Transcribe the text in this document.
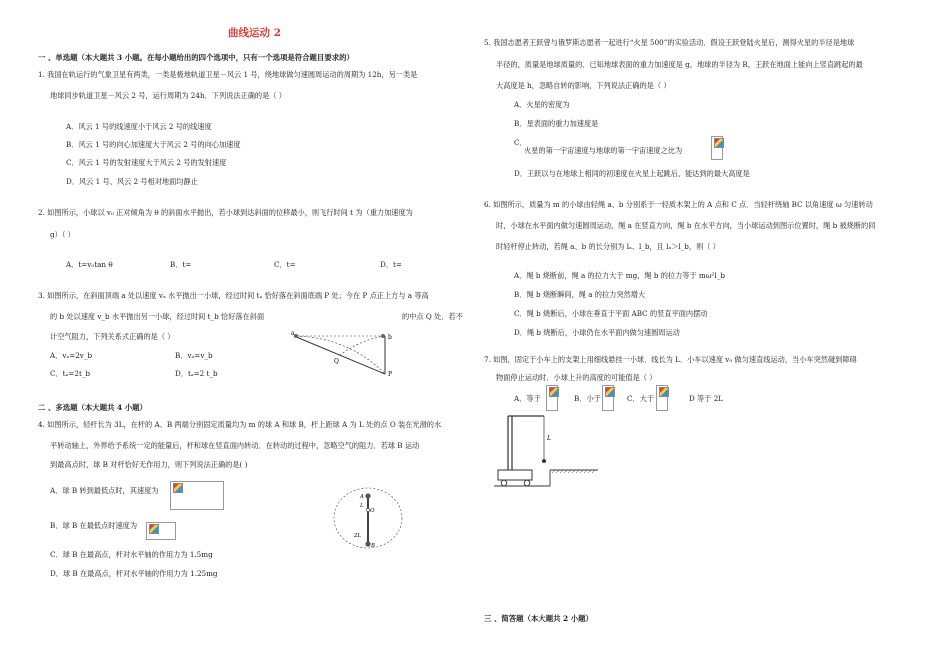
曲线运动 2
一 、单选题（本大题共 3 小题。在每小题给出的四个选项中，只有一个选项是符合题目要求的）
1. 我国在轨运行的气象卫星有两类，一类是极地轨道卫星－风云 1 号，绕地球做匀速圆周运动的周期为 12h，另一类是
地球同步轨道卫星－风云 2 号，运行周期为 24h．下列说法正确的是（ ）
A．风云 1 号的线速度小于风云 2 号的线速度
B．风云 1 号的向心加速度大于风云 2 号的向心加速度
C．风云 1 号的发射速度大于风云 2 号的发射速度
D．风云 1 号、风云 2 号相对地面均静止
2. 如图所示，小球以 v₀ 正对倾角为 θ 的斜面水平抛出，若小球到达斜面的位移最小，则飞行时间 t 为（重力加速度为
g）（ ）
A．t=v₀tan θ	B．t=	C．t=	D．t=
3. 如图所示，在斜面顶端 a 处以速度 vₐ 水平抛出一小球，经过时间 tₐ 恰好落在斜面底端 P 处；今在 P 点正上方与 a 等高
的 b 处以速度 v_b 水平抛出另一小球，经过时间 t_b 恰好落在斜面	的中点 Q 处．若不
计空气阻力，下列关系式正确的是（ ）
A．vₐ=2v_b	B．vₐ=v_b
C．tₐ=2t_b	D．tₐ=2 t_b
a
b
Q
P
二 、多选题（本大题共 4 小题）
4. 如图所示，轻杆长为 3L，在杆的 A、B 两端分别固定质量均为 m 的球 A 和球 B，杆上距球 A 为 L 处的点 O 装在光滑的水
平转动轴上，外界给予系统一定的能量后，杆和球在竖直面内转动．在转动的过程中，忽略空气的阻力．若球 B 运动
到最高点时，球 B 对杆恰好无作用力，则下列说法正确的是( )
A．球 B 转到最低点时，其速度为
B．球 B 在最低点时速度为
C．球 B 在最高点，杆对水平轴的作用力为 1.5mg
D．球 B 在最高点，杆对水平轴的作用力为 1.25mg
A
L
O
2L
B
5. 我国志愿者王跃曾与俄罗斯志愿者一起进行“火星 500”的实验活动．假设王跃登陆火星后，测得火星的半径是地球
半径的，质量是地球质量的．已知地球表面的重力加速度是 g，地球的半径为 R，王跃在地面上能向上竖直跳起的最
大高度是 h，忽略自转的影响，下列说法正确的是（ ）
A．火星的密度为
B．星表面的重力加速度是
C．
火星的第一宇宙速度与地球的第一宇宙速度之比为
D．王跃以与在地球上相同的初速度在火星上起跳后，能达到的最大高度是
6. 如图所示，质量为 m 的小球由轻绳 a、b 分别系于一轻质木架上的 A 点和 C 点．当轻杆绕轴 BC 以角速度 ω 匀速转动
时，小球在水平面内做匀速圆周运动，绳 a 在竖直方向，绳 b 在水平方向，当小球运动到图示位置时，绳 b 被烧断的同
时轻杆停止转动，若绳 a、b 的长分别为 lₐ、l_b，且 lₐ＞l_b，则（ ）
A．绳 b 烧断前，绳 a 的拉力大于 mg，绳 b 的拉力等于 mω²l_b
B．绳 b 烧断瞬间，绳 a 的拉力突然增大
C．绳 b 烧断后，小球在垂直于平面 ABC 的竖直平面内摆动
D．绳 b 烧断后，小球仍在水平面内做匀速圆周运动
7. 如图，固定于小车上的支架上用细线悬挂一小球．线长为 L．小车以速度 v₀ 做匀速直线运动，当小车突然碰到障碍
物面停止运动时．小球上升的高度的可能值是（ ）
A．等于	B．小于	C．大于	D 等于 2L
L
三 、简答题（本大题共 2 小题）
